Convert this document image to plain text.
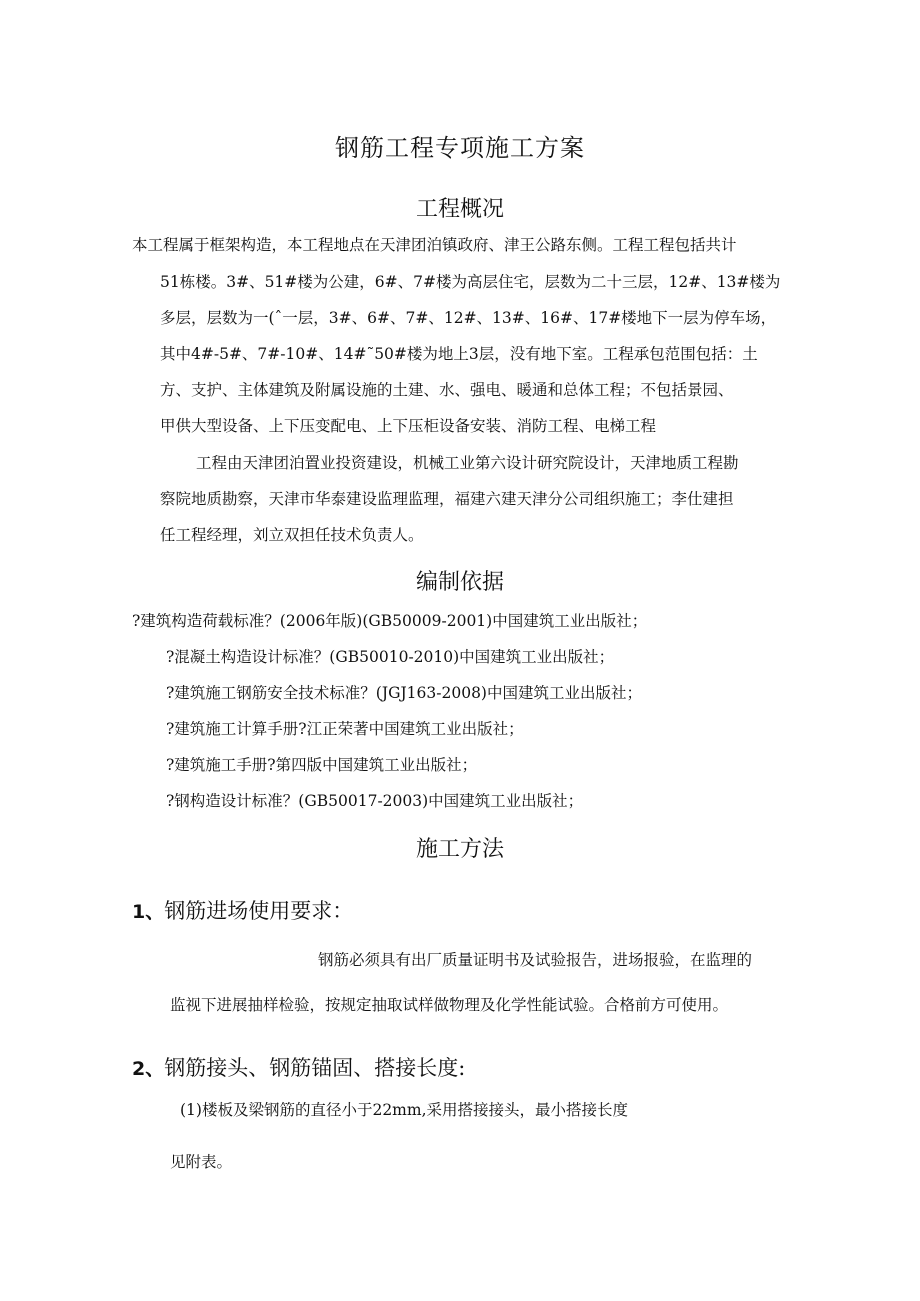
钢筋工程专项施工方案
工程概况
本工程属于框架构造，本工程地点在天津团泊镇政府、津王公路东侧。工程工程包括共计
51栋楼。3#、51#楼为公建，6#、7#楼为高层住宅，层数为二十三层，12#、13#楼为
多层，层数为一(ˆ一层，3#、6#、7#、12#、13#、16#、17#楼地下一层为停车场，
其中4#-5#、7#-10#、14#˜50#楼为地上3层，没有地下室。工程承包范围包括：土
方、支护、主体建筑及附属设施的土建、水、强电、暖通和总体工程；不包括景园、
甲供大型设备、上下压变配电、上下压柜设备安装、消防工程、电梯工程
工程由天津团泊置业投资建设，机械工业第六设计研究院设计，天津地质工程勘
察院地质勘察，天津市华泰建设监理监理，福建六建天津分公司组织施工；李仕建担
任工程经理，刘立双担任技术负责人。
编制依据
?建筑构造荷载标准？(2006年版)(GB50009-2001)中国建筑工业出版社；
?混凝土构造设计标准？(GB50010-2010)中国建筑工业出版社；
?建筑施工钢筋安全技术标准？(JGJ163-2008)中国建筑工业出版社；
?建筑施工计算手册?江正荣著中国建筑工业出版社；
?建筑施工手册?第四版中国建筑工业出版社；
?钢构造设计标准？(GB50017-2003)中国建筑工业出版社；
施工方法
1、钢筋进场使用要求：
钢筋必须具有出厂质量证明书及试验报告，进场报验，在监理的
监视下进展抽样检验，按规定抽取试样做物理及化学性能试验。合格前方可使用。
2、钢筋接头、钢筋锚固、搭接长度:
(1)楼板及梁钢筋的直径小于22mm,采用搭接接头，最小搭接长度
见附表。
